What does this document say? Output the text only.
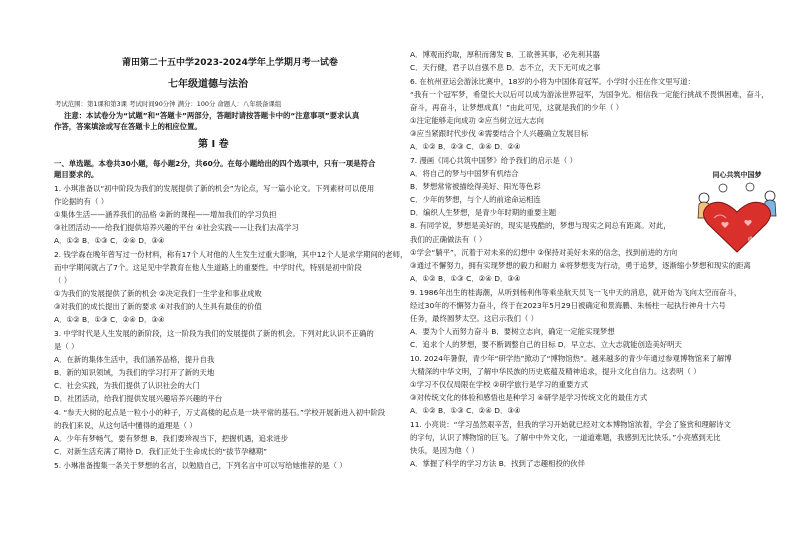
莆田第二十五中学2023-2024学年上学期月考一试卷
七年级道德与法治
考试范围：第1课和第3课 考试时间90分钟 满分：100分 命题人：八年级备课组
注意：本试卷分为“试题”和“答题卡”两部分，答题时请按答题卡中的“注意事项”要求认真
作答，答案填涂或写在答题卡上的相应位置。
第 I 卷
一、单选题。本卷共30小题，每小题2分，共60分。在每小题给出的四个选项中，只有一项是符合
题目要求的。
1. 小琪准备以“初中阶段为我们的发展提供了新的机会”为论点，写一篇小论文。下列素材可以使用
作论据的有（ ）
①集体生活——涵养我们的品格 ②新的课程——增加我们的学习负担
③社团活动——给我们提供培养兴趣的平台 ④社会实践——让我们去高学习
A．①② B．①③ C．②④ D．③④
2. 钱学森在晚年曾写过一份材料，称有17个人对他的人生发生过重大影响，其中12个人是求学期间的老师，
而中学期间就占了7个。这足见中学教育在他人生道路上的重要性。中学时代，特别是初中阶段
（ ）
①为我们的发展提供了新的机会 ②决定我们一生学业和事业成败
③对我们的成长提出了新的要求 ④对我们的人生具有最佳的价值
A．①② B．①③ C．②④ D．③④
3. 中学时代是人生发展的新阶段，这一阶段为我们的发展提供了新的机会。下列对此认识不正确的
是（ ）
A．在新的集体生活中，我们涵养品格，提升自我
B．新的知识领域，为我们的学习打开了新的天地
C．社会实践，为我们提供了认识社会的大门
D．社团活动，给我们提供发展兴趣培养兴趣的平台
4. “参天大树的起点是一粒小小的种子，万丈高楼的起点是一块平常的基石。”学校开展新进入初中阶段
的我们来说，从这句话中懂得的道理是（ ）
A．少年有梦畅气，要有梦想 B．我们要珍视当下，把握机遇，追求进步
C．对新生活充满了期待 D．我们正处于生命成长的“拔节孕穗期”
5. 小琳准备搜集一条关于梦想的名言，以勉励自己，下列名言中可以写给她推荐的是（ ）
A．博观而约取，厚积而薄发 B．工欲善其事，必先利其器
C．天行健，君子以自强不息 D．志不立，天下无可成之事
6. 在杭州亚运会游泳比赛中，18岁的小将为中国体育冠军。小学时小汪在作文里写道：
“我有一个冠军梦，希望长大以后可以成为游泳世界冠军，为国争光。相信我一定能行挑战不畏惧困难，奋斗，
奋斗，再奋斗，让梦想成真！”由此可见，这就是我们的少年（ ）
①注定能够走向成功 ②应当树立远大志向
③应当紧跟时代步伐 ④需要结合个人兴趣确立发展目标
A．①② B．②③ C．③④ D．②④
7. 漫画《同心共筑中国梦》给予我们的启示是（ ）
A．将自己的梦与中国梦有机结合
B．梦想常常被描绘得美好、阳光等色彩
C．少年的梦想，与个人的前途命运相连
D．编织人生梦想，是青少年时期的重要主题
8. 有同学说，梦想是美好的，现实是残酷的，梦想与现实之间总有距离。对此，
我们的正确做法有（ ）
①学会“躺平”，沉着于对未来的幻想中 ②保持对美好未来的信念，找到前进的方向
③通过不懈努力，拥有实现梦想的毅力和耐力 ④将梦想变为行动，勇于追梦，逐渐缩小梦想和现实的距离
A．①② B．①③ C．②④ D．③④
9. 1986年出生的桂海潮，从听到杨利伟等乘坐航天员飞一飞中天的消息，就开始为飞向太空而奋斗，
经过30年的不懈努力奋斗，终于在2023年5月29日被确定和景海鹏、朱杨柱一起执行神舟十六号
任务，最终圆梦太空。这启示我们（ ）
A．要为个人而努力奋斗 B．要树立志向，确定一定能实现梦想
C．追求个人的梦想，要不断调整自己的目标 D．早立志、立大志就能创造美好明天
10. 2024年暑假，青少年“研学热”掀动了“博物馆热”。越来越多的青少年通过参观博物馆来了解博
大精深的中华文明，了解中华民族的历史底蕴及精神追求，提升文化自信力。这表明（ ）
①学习不仅仅局限在学校 ②研学旅行是学习的重要方式
③对传统文化的体验和感悟也是种学习 ④研学是学习传统文化的最佳方式
A．①② B．①③ C．②④ D．③④
11. 小亮说：“学习虽然艰辛苦，但我的学习开始就已经对文本博物馆浓着，学会了鉴赏和理解诗文
的字句，认识了博物馆的巨飞。了解中中外文化，一道道难题，我感到无比快乐。”小亮感到无比
快乐，是因为他（ ）
A．掌握了科学的学习方法 B．找到了志趣相投的伙伴
同心共筑中国梦
中国梦
